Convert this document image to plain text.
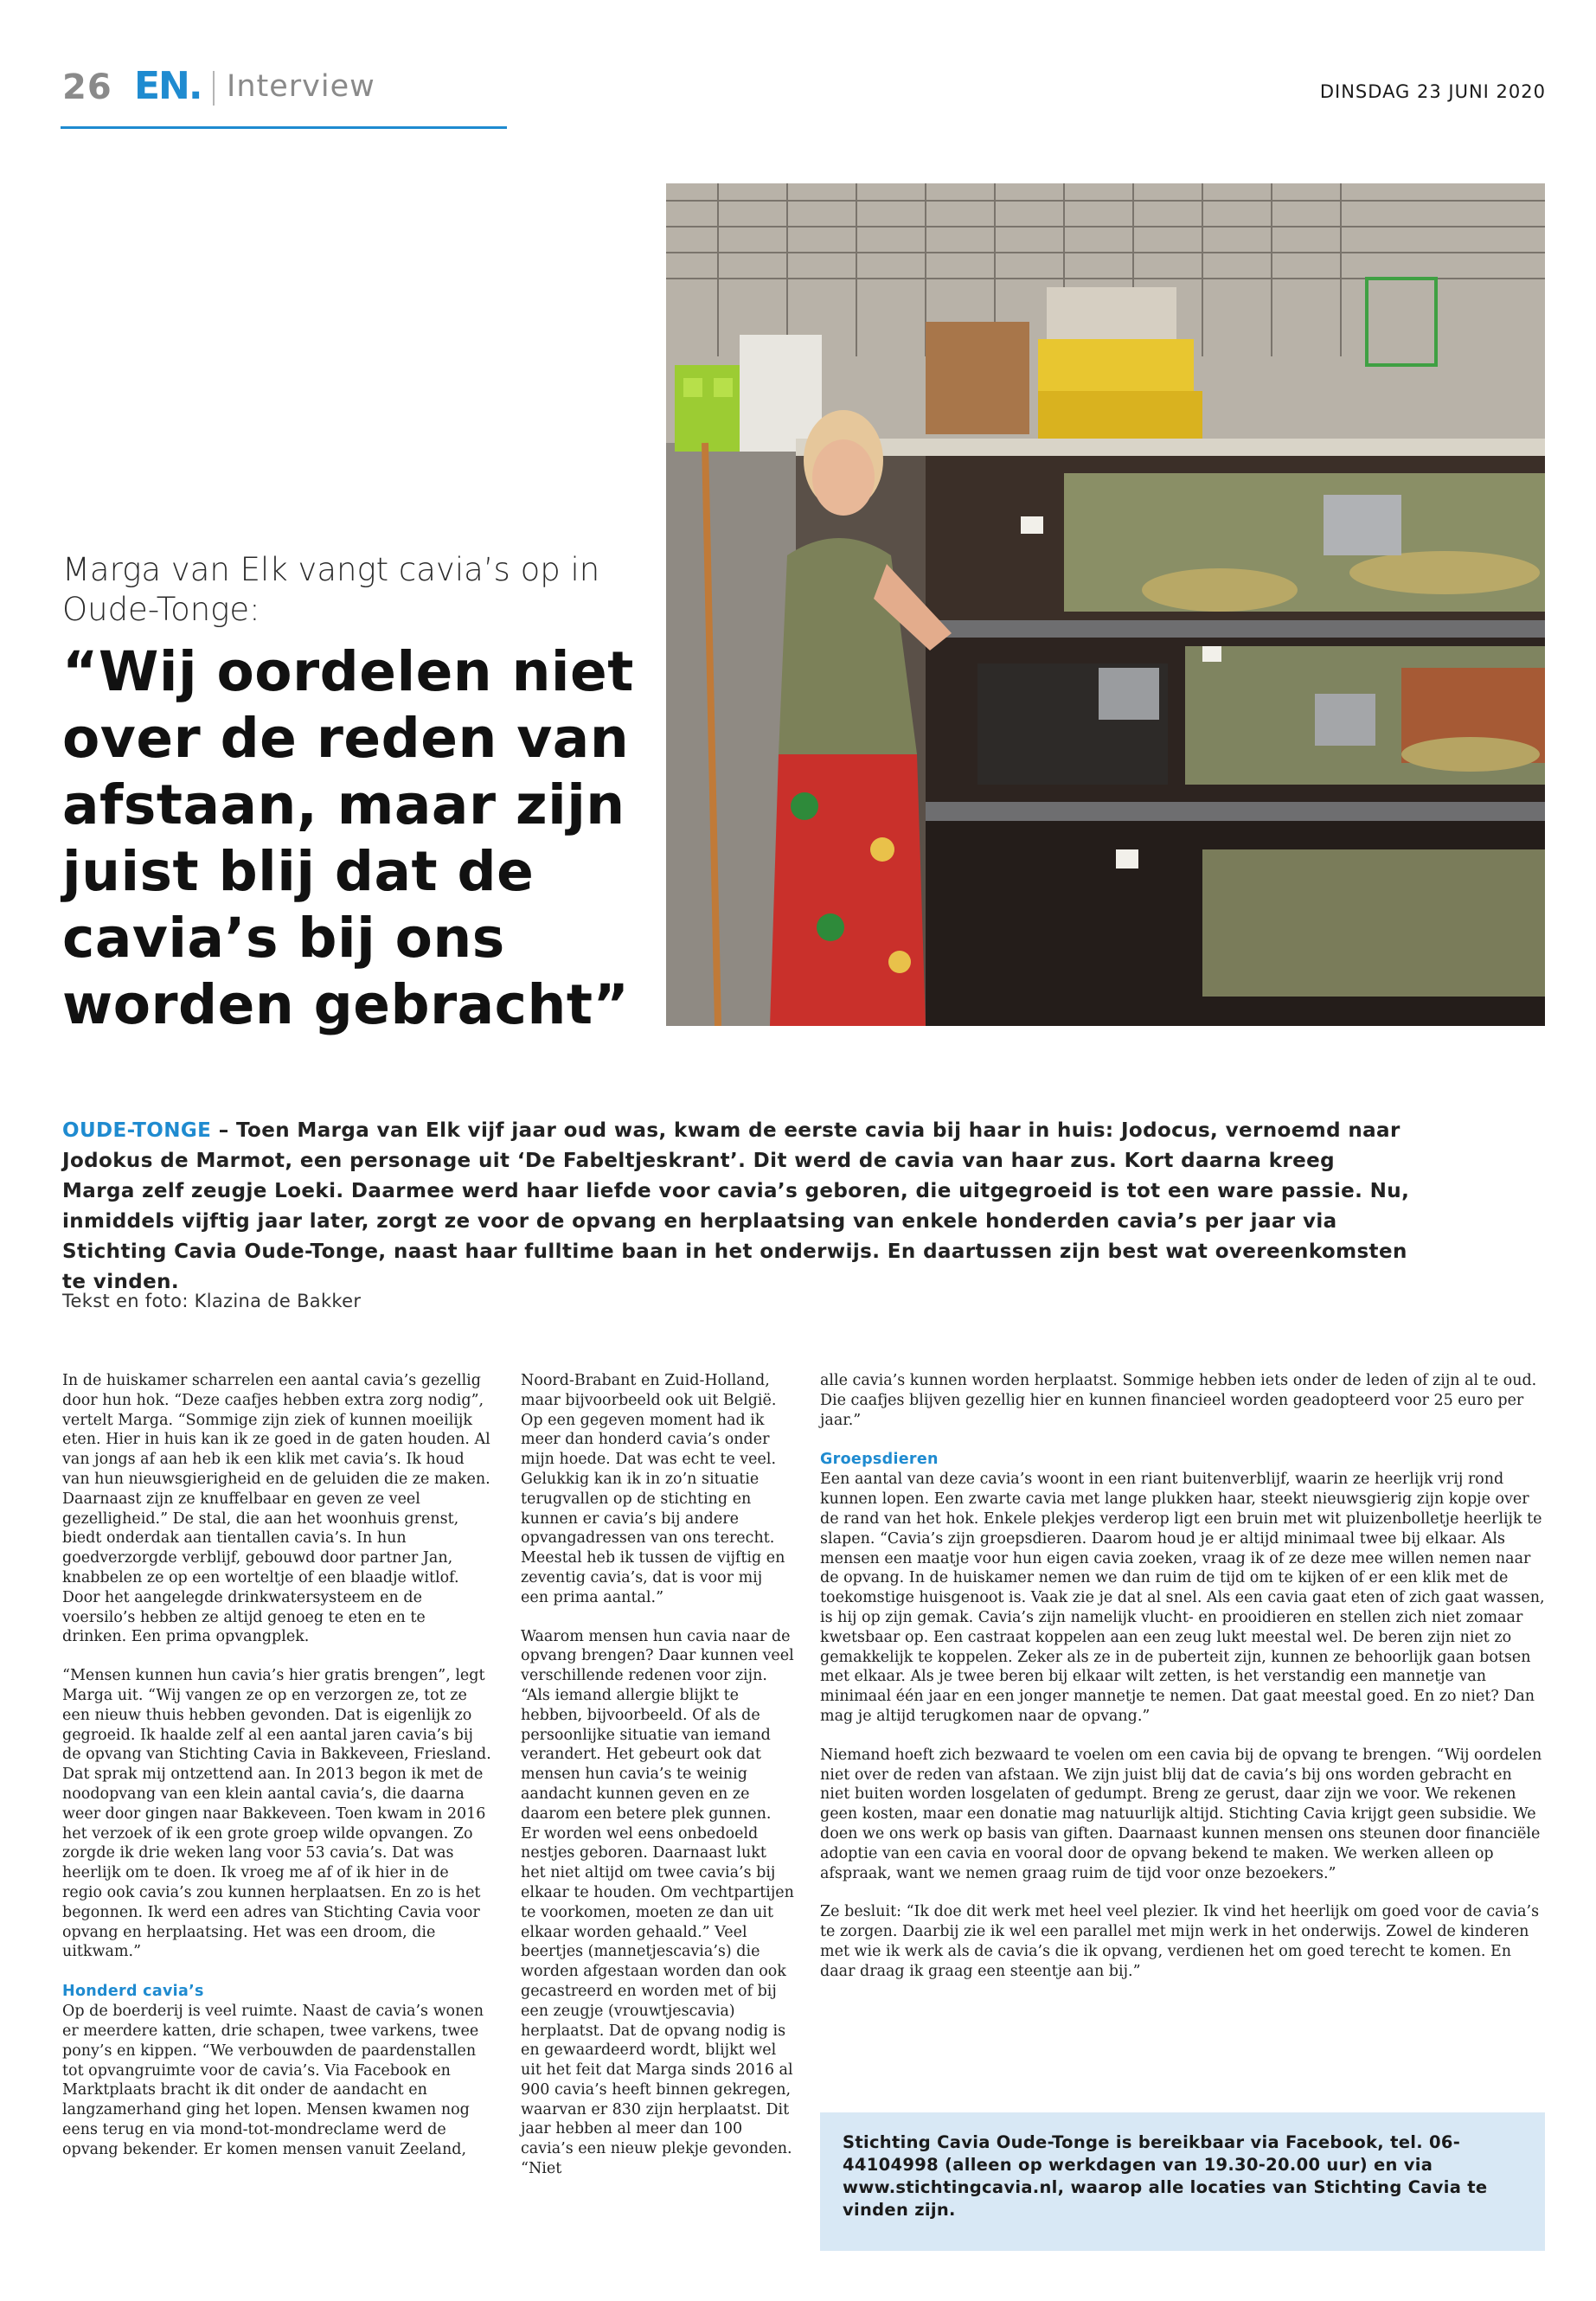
26 EN. Interview	DINSDAG 23 JUNI 2020
Marga van Elk vangt cavia’s op in Oude-Tonge:
“Wij oordelen niet over de reden van afstaan, maar zijn juist blij dat de cavia’s bij ons worden gebracht”
OUDE-TONGE – Toen Marga van Elk vijf jaar oud was, kwam de eerste cavia bij haar in huis: Jodocus, vernoemd naar Jodokus de Marmot, een personage uit ‘De Fabeltjeskrant’. Dit werd de cavia van haar zus. Kort daarna kreeg Marga zelf zeugje Loeki. Daarmee werd haar liefde voor cavia’s geboren, die uitgegroeid is tot een ware passie. Nu, inmiddels vijftig jaar later, zorgt ze voor de opvang en herplaatsing van enkele honderden cavia’s per jaar via Stichting Cavia Oude-Tonge, naast haar fulltime baan in het onderwijs. En daartussen zijn best wat overeenkomsten te vinden.
Tekst en foto: Klazina de Bakker

In de huiskamer scharrelen een aantal cavia’s gezellig door hun hok. “Deze caafjes hebben extra zorg nodig”, vertelt Marga. “Sommige zijn ziek of kunnen moeilijk eten. Hier in huis kan ik ze goed in de gaten houden. Al van jongs af aan heb ik een klik met cavia’s. Ik houd van hun nieuwsgierigheid en de geluiden die ze maken. Daarnaast zijn ze knuffelbaar en geven ze veel gezelligheid.” De stal, die aan het woonhuis grenst, biedt onderdak aan tientallen cavia’s. In hun goedverzorgde verblijf, gebouwd door partner Jan, knabbelen ze op een worteltje of een blaadje witlof. Door het aangelegde drinkwatersysteem en de voersilo’s hebben ze altijd genoeg te eten en te drinken. Een prima opvangplek.

“Mensen kunnen hun cavia’s hier gratis brengen”, legt Marga uit. “Wij vangen ze op en verzorgen ze, tot ze een nieuw thuis hebben gevonden. Dat is eigenlijk zo gegroeid. Ik haalde zelf al een aantal jaren cavia’s bij de opvang van Stichting Cavia in Bakkeveen, Friesland. Dat sprak mij ontzettend aan. In 2013 begon ik met de noodopvang van een klein aantal cavia’s, die daarna weer door gingen naar Bakkeveen. Toen kwam in 2016 het verzoek of ik een grote groep wilde opvangen. Zo zorgde ik drie weken lang voor 53 cavia’s. Dat was heerlijk om te doen. Ik vroeg me af of ik hier in de regio ook cavia’s zou kunnen herplaatsen. En zo is het begonnen. Ik werd een adres van Stichting Cavia voor opvang en herplaatsing. Het was een droom, die uitkwam.”

Honderd cavia’s

Op de boerderij is veel ruimte. Naast de cavia’s wonen er meerdere katten, drie schapen, twee varkens, twee pony’s en kippen. “We verbouwden de paardenstallen tot opvangruimte voor de cavia’s. Via Facebook en Marktplaats bracht ik dit onder de aandacht en langzamerhand ging het lopen. Mensen kwamen nog eens terug en via mond-tot-mondreclame werd de opvang bekender. Er komen mensen vanuit Zeeland,

Noord-Brabant en Zuid-Holland, maar bijvoorbeeld ook uit België. Op een gegeven moment had ik meer dan honderd cavia’s onder mijn hoede. Dat was echt te veel. Gelukkig kan ik in zo’n situatie terugvallen op de stichting en kunnen er cavia’s bij andere opvangadressen van ons terecht. Meestal heb ik tussen de vijftig en zeventig cavia’s, dat is voor mij een prima aantal.”

Waarom mensen hun cavia naar de opvang brengen? Daar kunnen veel verschillende redenen voor zijn. “Als iemand allergie blijkt te hebben, bijvoorbeeld. Of als de persoonlijke situatie van iemand verandert. Het gebeurt ook dat mensen hun cavia’s te weinig aandacht kunnen geven en ze daarom een betere plek gunnen. Er worden wel eens onbedoeld nestjes geboren. Daarnaast lukt het niet altijd om twee cavia’s bij elkaar te houden. Om vechtpartijen te voorkomen, moeten ze dan uit elkaar worden gehaald.” Veel beertjes (mannetjescavia’s) die worden afgestaan worden dan ook gecastreerd en worden met of bij een zeugje (vrouwtjescavia) herplaatst. Dat de opvang nodig is en gewaardeerd wordt, blijkt wel uit het feit dat Marga sinds 2016 al 900 cavia’s heeft binnen gekregen, waarvan er 830 zijn herplaatst. Dit jaar hebben al meer dan 100 cavia’s een nieuw plekje gevonden. “Niet

alle cavia’s kunnen worden herplaatst. Sommige hebben iets onder de leden of zijn al te oud. Die caafjes blijven gezellig hier en kunnen financieel worden geadopteerd voor 25 euro per jaar.”

Groepsdieren

Een aantal van deze cavia’s woont in een riant buitenverblijf, waarin ze heerlijk vrij rond kunnen lopen. Een zwarte cavia met lange plukken haar, steekt nieuwsgierig zijn kopje over de rand van het hok. Enkele plekjes verderop ligt een bruin met wit pluizenbolletje heerlijk te slapen. “Cavia’s zijn groepsdieren. Daarom houd je er altijd minimaal twee bij elkaar. Als mensen een maatje voor hun eigen cavia zoeken, vraag ik of ze deze mee willen nemen naar de opvang. In de huiskamer nemen we dan ruim de tijd om te kijken of er een klik met de toekomstige huisgenoot is. Vaak zie je dat al snel. Als een cavia gaat eten of zich gaat wassen, is hij op zijn gemak. Cavia’s zijn namelijk vlucht- en prooidieren en stellen zich niet zomaar kwetsbaar op. Een castraat koppelen aan een zeug lukt meestal wel. De beren zijn niet zo gemakkelijk te koppelen. Zeker als ze in de puberteit zijn, kunnen ze behoorlijk gaan botsen met elkaar. Als je twee beren bij elkaar wilt zetten, is het verstandig een mannetje van minimaal één jaar en een jonger mannetje te nemen. Dat gaat meestal goed. En zo niet? Dan mag je altijd terugkomen naar de opvang.”

Niemand hoeft zich bezwaard te voelen om een cavia bij de opvang te brengen. “Wij oordelen niet over de reden van afstaan. We zijn juist blij dat de cavia’s bij ons worden gebracht en niet buiten worden losgelaten of gedumpt. Breng ze gerust, daar zijn we voor. We rekenen geen kosten, maar een donatie mag natuurlijk altijd. Stichting Cavia krijgt geen subsidie. We doen we ons werk op basis van giften. Daarnaast kunnen mensen ons steunen door financiële adoptie van een cavia en vooral door de opvang bekend te maken. We werken alleen op afspraak, want we nemen graag ruim de tijd voor onze bezoekers.”

Ze besluit: “Ik doe dit werk met heel veel plezier. Ik vind het heerlijk om goed voor de cavia’s te zorgen. Daarbij zie ik wel een parallel met mijn werk in het onderwijs. Zowel de kinderen met wie ik werk als de cavia’s die ik opvang, verdienen het om goed terecht te komen. En daar draag ik graag een steentje aan bij.”

Stichting Cavia Oude-Tonge is bereikbaar via Facebook, tel. 06-44104998 (alleen op werkdagen van 19.30-20.00 uur) en via www.stichtingcavia.nl, waarop alle locaties van Stichting Cavia te vinden zijn.
